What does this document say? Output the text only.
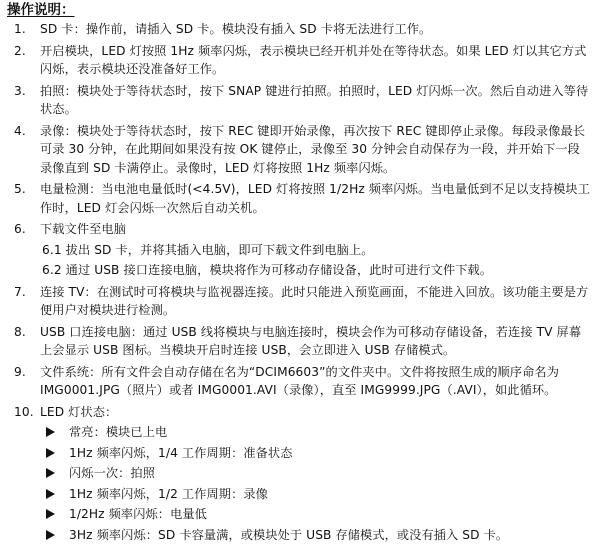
操作说明：
1. SD 卡：操作前，请插入 SD 卡。模块没有插入 SD 卡将无法进行工作。
2. 开启模块，LED 灯按照 1Hz 频率闪烁，表示模块已经开机并处在等待状态。如果 LED 灯以其它方式闪烁，表示模块还没准备好工作。
3. 拍照：模块处于等待状态时，按下 SNAP 键进行拍照。拍照时，LED 灯闪烁一次。然后自动进入等待状态。
4. 录像：模块处于等待状态时，按下 REC 键即开始录像，再次按下 REC 键即停止录像。每段录像最长可录 30 分钟，在此期间如果没有按 OK 键停止，录像至 30 分钟会自动保存为一段，并开始下一段录像直到 SD 卡满停止。录像时，LED 灯将按照 1Hz 频率闪烁。
5. 电量检测：当电池电量低时(<4.5V)，LED 灯将按照 1/2Hz 频率闪烁。当电量低到不足以支持模块工作时，LED 灯会闪烁一次然后自动关机。
6. 下载文件至电脑
6.1 拔出 SD 卡，并将其插入电脑，即可下载文件到电脑上。
6.2 通过 USB 接口连接电脑，模块将作为可移动存储设备，此时可进行文件下载。
7. 连接 TV：在测试时可将模块与监视器连接。此时只能进入预览画面，不能进入回放。该功能主要是方便用户对模块进行检测。
8. USB 口连接电脑：通过 USB 线将模块与电脑连接时，模块会作为可移动存储设备，若连接 TV 屏幕上会显示 USB 图标。当模块开启时连接 USB，会立即进入 USB 存储模式。
9. 文件系统：所有文件会自动存储在名为“DCIM6603”的文件夹中。文件将按照生成的顺序命名为 IMG0001.JPG（照片）或者 IMG0001.AVI（录像），直至 IMG9999.JPG（.AVI），如此循环。
10. LED 灯状态：
常亮：模块已上电
1Hz 频率闪烁，1/4 工作周期：准备状态
闪烁一次：拍照
1Hz 频率闪烁，1/2 工作周期：录像
1/2Hz 频率闪烁：电量低
3Hz 频率闪烁：SD 卡容量满，或模块处于 USB 存储模式，或没有插入 SD 卡。
